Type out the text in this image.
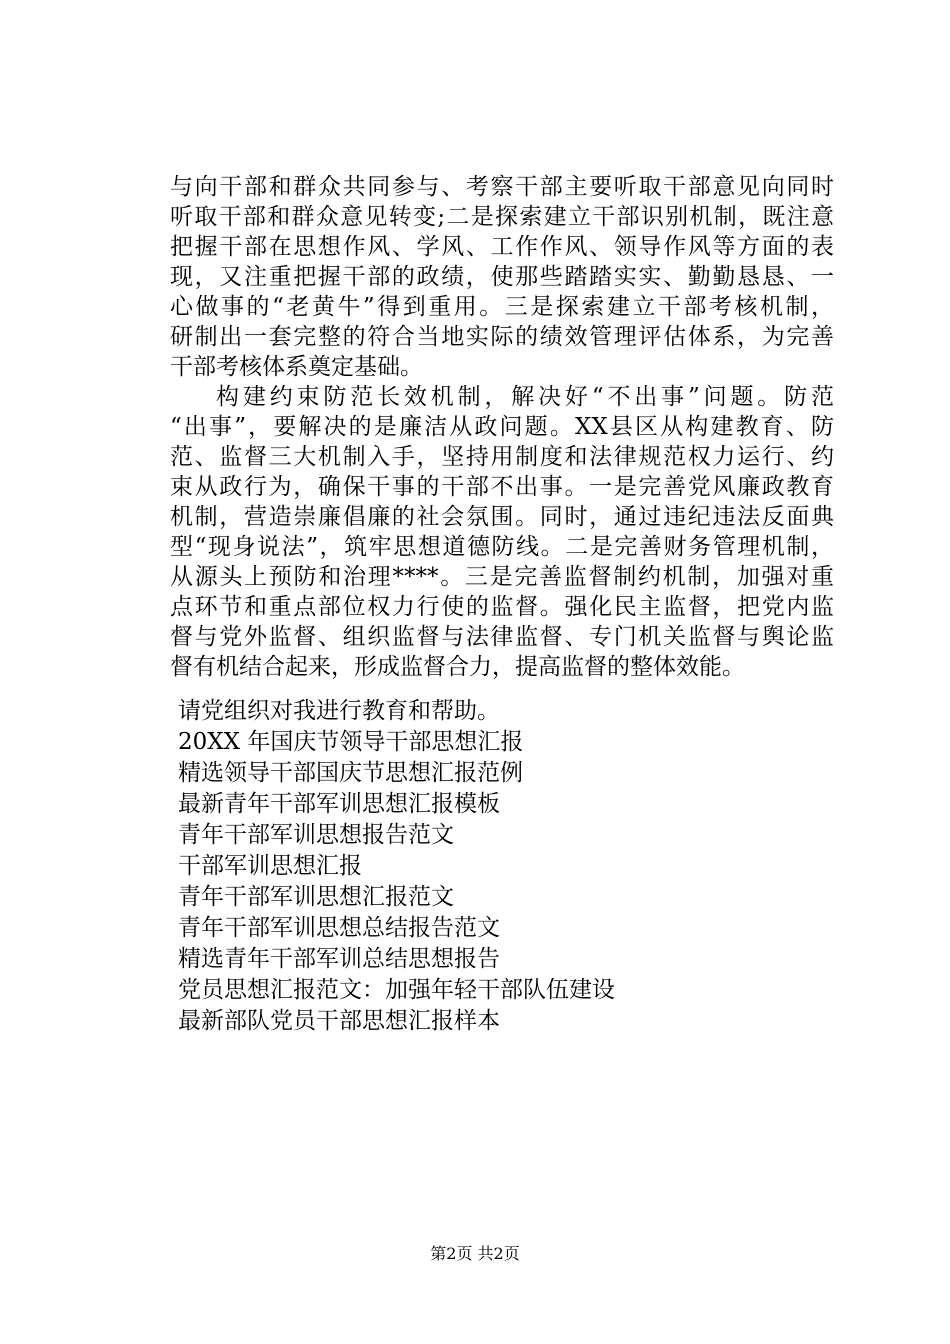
与向干部和群众共同参与、考察干部主要听取干部意见向同时
听取干部和群众意见转变;二是探索建立干部识别机制，既注意
把握干部在思想作风、学风、工作作风、领导作风等方面的表
现，又注重把握干部的政绩，使那些踏踏实实、勤勤恳恳、一
心做事的“老黄牛”得到重用。三是探索建立干部考核机制，
研制出一套完整的符合当地实际的绩效管理评估体系，为完善
干部考核体系奠定基础。
构建约束防范长效机制，解决好“不出事”问题。防范
“出事”，要解决的是廉洁从政问题。XX县区从构建教育、防
范、监督三大机制入手，坚持用制度和法律规范权力运行、约
束从政行为，确保干事的干部不出事。一是完善党风廉政教育
机制，营造崇廉倡廉的社会氛围。同时，通过违纪违法反面典
型“现身说法”，筑牢思想道德防线。二是完善财务管理机制，
从源头上预防和治理****。三是完善监督制约机制，加强对重
点环节和重点部位权力行使的监督。强化民主监督，把党内监
督与党外监督、组织监督与法律监督、专门机关监督与舆论监
督有机结合起来，形成监督合力，提高监督的整体效能。
请党组织对我进行教育和帮助。
20XX 年国庆节领导干部思想汇报
精选领导干部国庆节思想汇报范例
最新青年干部军训思想汇报模板
青年干部军训思想报告范文
干部军训思想汇报
青年干部军训思想汇报范文
青年干部军训思想总结报告范文
精选青年干部军训总结思想报告
党员思想汇报范文：加强年轻干部队伍建设
最新部队党员干部思想汇报样本
第2页 共2页
